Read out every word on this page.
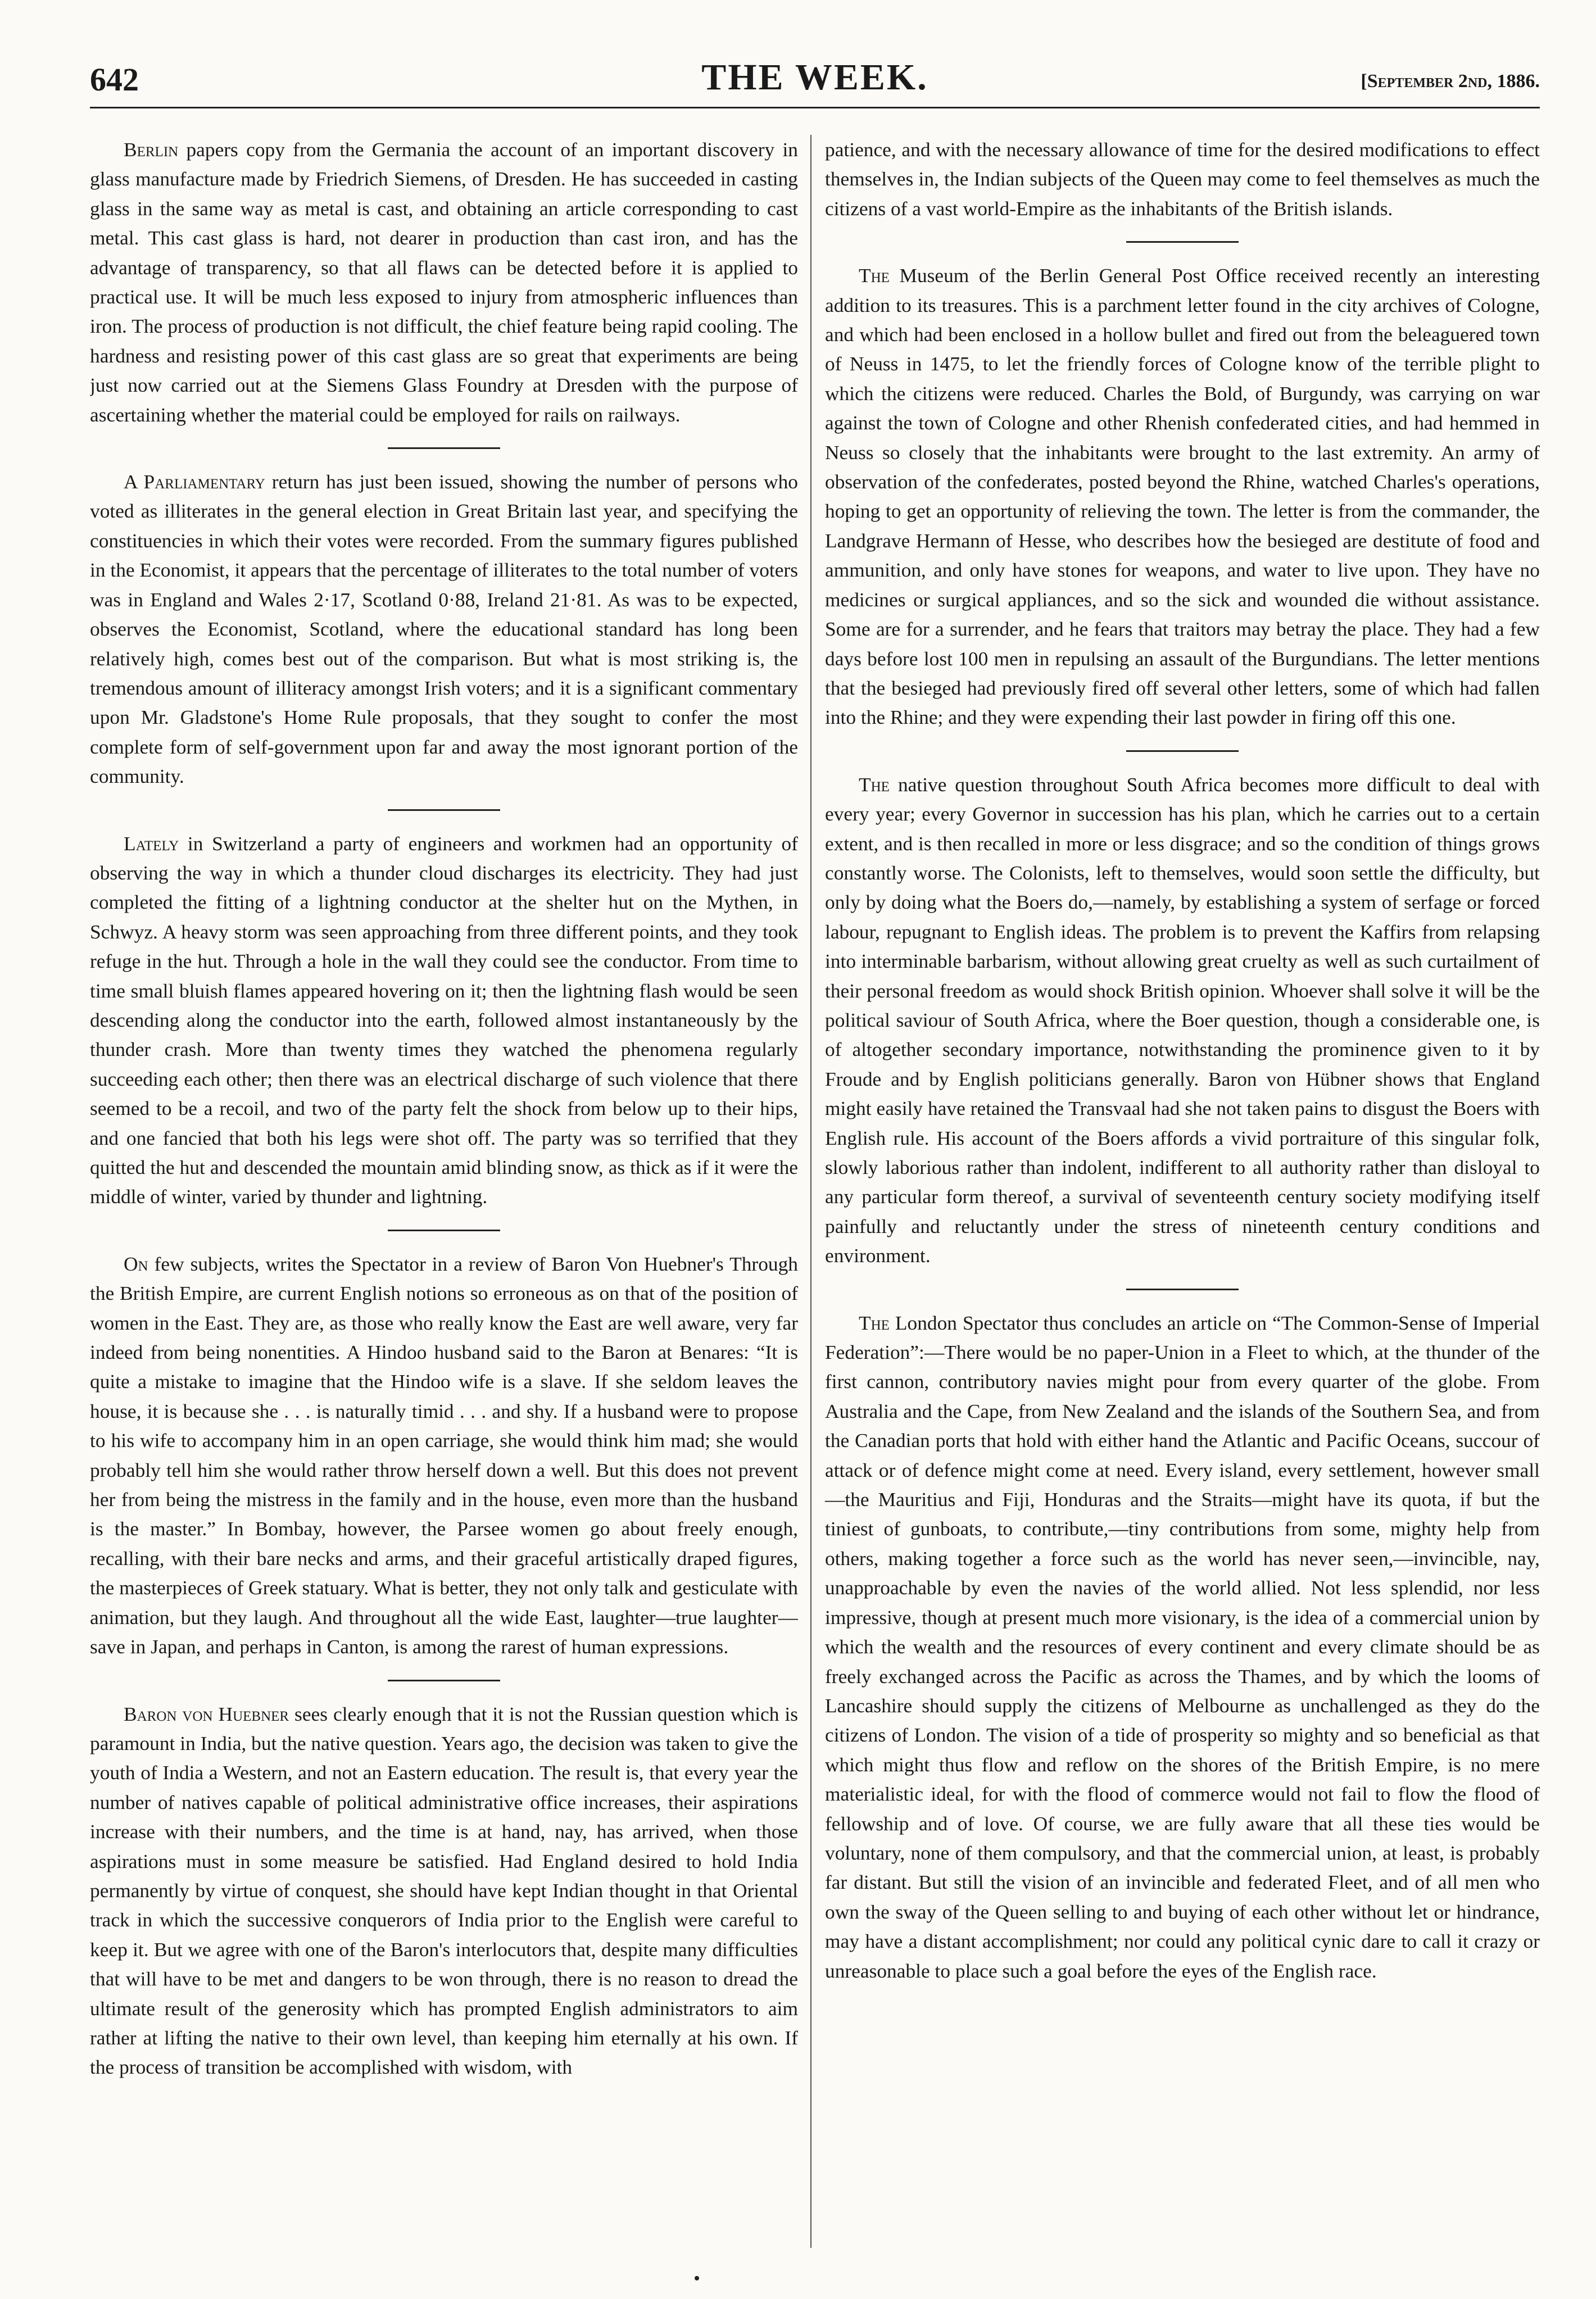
642	THE WEEK.	[September 2nd, 1886.

Berlin papers copy from the Germania the account of an important discovery in glass manufacture made by Friedrich Siemens, of Dresden. He has succeeded in casting glass in the same way as metal is cast, and obtaining an article corresponding to cast metal. This cast glass is hard, not dearer in production than cast iron, and has the advantage of transparency, so that all flaws can be detected before it is applied to practical use. It will be much less exposed to injury from atmospheric influences than iron. The process of production is not difficult, the chief feature being rapid cooling. The hardness and resisting power of this cast glass are so great that experiments are being just now carried out at the Siemens Glass Foundry at Dresden with the purpose of ascertaining whether the material could be employed for rails on railways.

A Parliamentary return has just been issued, showing the number of persons who voted as illiterates in the general election in Great Britain last year, and specifying the constituencies in which their votes were recorded. From the summary figures published in the Economist, it appears that the percentage of illiterates to the total number of voters was in England and Wales 2·17, Scotland 0·88, Ireland 21·81. As was to be expected, observes the Economist, Scotland, where the educational standard has long been relatively high, comes best out of the comparison. But what is most striking is, the tremendous amount of illiteracy amongst Irish voters; and it is a significant commentary upon Mr. Gladstone's Home Rule proposals, that they sought to confer the most complete form of self-government upon far and away the most ignorant portion of the community.

Lately in Switzerland a party of engineers and workmen had an opportunity of observing the way in which a thunder cloud discharges its electricity. They had just completed the fitting of a lightning conductor at the shelter hut on the Mythen, in Schwyz. A heavy storm was seen approaching from three different points, and they took refuge in the hut. Through a hole in the wall they could see the conductor. From time to time small bluish flames appeared hovering on it; then the lightning flash would be seen descending along the conductor into the earth, followed almost instantaneously by the thunder crash. More than twenty times they watched the phenomena regularly succeeding each other; then there was an electrical discharge of such violence that there seemed to be a recoil, and two of the party felt the shock from below up to their hips, and one fancied that both his legs were shot off. The party was so terrified that they quitted the hut and descended the mountain amid blinding snow, as thick as if it were the middle of winter, varied by thunder and lightning.

On few subjects, writes the Spectator in a review of Baron Von Huebner's Through the British Empire, are current English notions so erroneous as on that of the position of women in the East. They are, as those who really know the East are well aware, very far indeed from being nonentities. A Hindoo husband said to the Baron at Benares: “It is quite a mistake to imagine that the Hindoo wife is a slave. If she seldom leaves the house, it is because she . . . is naturally timid . . . and shy. If a husband were to propose to his wife to accompany him in an open carriage, she would think him mad; she would probably tell him she would rather throw herself down a well. But this does not prevent her from being the mistress in the family and in the house, even more than the husband is the master.” In Bombay, however, the Parsee women go about freely enough, recalling, with their bare necks and arms, and their graceful artistically draped figures, the masterpieces of Greek statuary. What is better, they not only talk and gesticulate with animation, but they laugh. And throughout all the wide East, laughter—true laughter—save in Japan, and perhaps in Canton, is among the rarest of human expressions.

Baron von Huebner sees clearly enough that it is not the Russian question which is paramount in India, but the native question. Years ago, the decision was taken to give the youth of India a Western, and not an Eastern education. The result is, that every year the number of natives capable of political administrative office increases, their aspirations increase with their numbers, and the time is at hand, nay, has arrived, when those aspirations must in some measure be satisfied. Had England desired to hold India permanently by virtue of conquest, she should have kept Indian thought in that Oriental track in which the successive conquerors of India prior to the English were careful to keep it. But we agree with one of the Baron's interlocutors that, despite many difficulties that will have to be met and dangers to be won through, there is no reason to dread the ultimate result of the generosity which has prompted English administrators to aim rather at lifting the native to their own level, than keeping him eternally at his own. If the process of transition be accomplished with wisdom, with

patience, and with the necessary allowance of time for the desired modifications to effect themselves in, the Indian subjects of the Queen may come to feel themselves as much the citizens of a vast world-Empire as the inhabitants of the British islands.

The Museum of the Berlin General Post Office received recently an interesting addition to its treasures. This is a parchment letter found in the city archives of Cologne, and which had been enclosed in a hollow bullet and fired out from the beleaguered town of Neuss in 1475, to let the friendly forces of Cologne know of the terrible plight to which the citizens were reduced. Charles the Bold, of Burgundy, was carrying on war against the town of Cologne and other Rhenish confederated cities, and had hemmed in Neuss so closely that the inhabitants were brought to the last extremity. An army of observation of the confederates, posted beyond the Rhine, watched Charles's operations, hoping to get an opportunity of relieving the town. The letter is from the commander, the Landgrave Hermann of Hesse, who describes how the besieged are destitute of food and ammunition, and only have stones for weapons, and water to live upon. They have no medicines or surgical appliances, and so the sick and wounded die without assistance. Some are for a surrender, and he fears that traitors may betray the place. They had a few days before lost 100 men in repulsing an assault of the Burgundians. The letter mentions that the besieged had previously fired off several other letters, some of which had fallen into the Rhine; and they were expending their last powder in firing off this one.

The native question throughout South Africa becomes more difficult to deal with every year; every Governor in succession has his plan, which he carries out to a certain extent, and is then recalled in more or less disgrace; and so the condition of things grows constantly worse. The Colonists, left to themselves, would soon settle the difficulty, but only by doing what the Boers do,—namely, by establishing a system of serfage or forced labour, repugnant to English ideas. The problem is to prevent the Kaffirs from relapsing into interminable barbarism, without allowing great cruelty as well as such curtailment of their personal freedom as would shock British opinion. Whoever shall solve it will be the political saviour of South Africa, where the Boer question, though a considerable one, is of altogether secondary importance, notwithstanding the prominence given to it by Froude and by English politicians generally. Baron von Hübner shows that England might easily have retained the Transvaal had she not taken pains to disgust the Boers with English rule. His account of the Boers affords a vivid portraiture of this singular folk, slowly laborious rather than indolent, indifferent to all authority rather than disloyal to any particular form thereof, a survival of seventeenth century society modifying itself painfully and reluctantly under the stress of nineteenth century conditions and environment.

The London Spectator thus concludes an article on “The Common-Sense of Imperial Federation”:—There would be no paper-Union in a Fleet to which, at the thunder of the first cannon, contributory navies might pour from every quarter of the globe. From Australia and the Cape, from New Zealand and the islands of the Southern Sea, and from the Canadian ports that hold with either hand the Atlantic and Pacific Oceans, succour of attack or of defence might come at need. Every island, every settlement, however small—the Mauritius and Fiji, Honduras and the Straits—might have its quota, if but the tiniest of gunboats, to contribute,—tiny contributions from some, mighty help from others, making together a force such as the world has never seen,—invincible, nay, unapproachable by even the navies of the world allied. Not less splendid, nor less impressive, though at present much more visionary, is the idea of a commercial union by which the wealth and the resources of every continent and every climate should be as freely exchanged across the Pacific as across the Thames, and by which the looms of Lancashire should supply the citizens of Melbourne as unchallenged as they do the citizens of London. The vision of a tide of prosperity so mighty and so beneficial as that which might thus flow and reflow on the shores of the British Empire, is no mere materialistic ideal, for with the flood of commerce would not fail to flow the flood of fellowship and of love. Of course, we are fully aware that all these ties would be voluntary, none of them compulsory, and that the commercial union, at least, is probably far distant. But still the vision of an invincible and federated Fleet, and of all men who own the sway of the Queen selling to and buying of each other without let or hindrance, may have a distant accomplishment; nor could any political cynic dare to call it crazy or unreasonable to place such a goal before the eyes of the English race.
